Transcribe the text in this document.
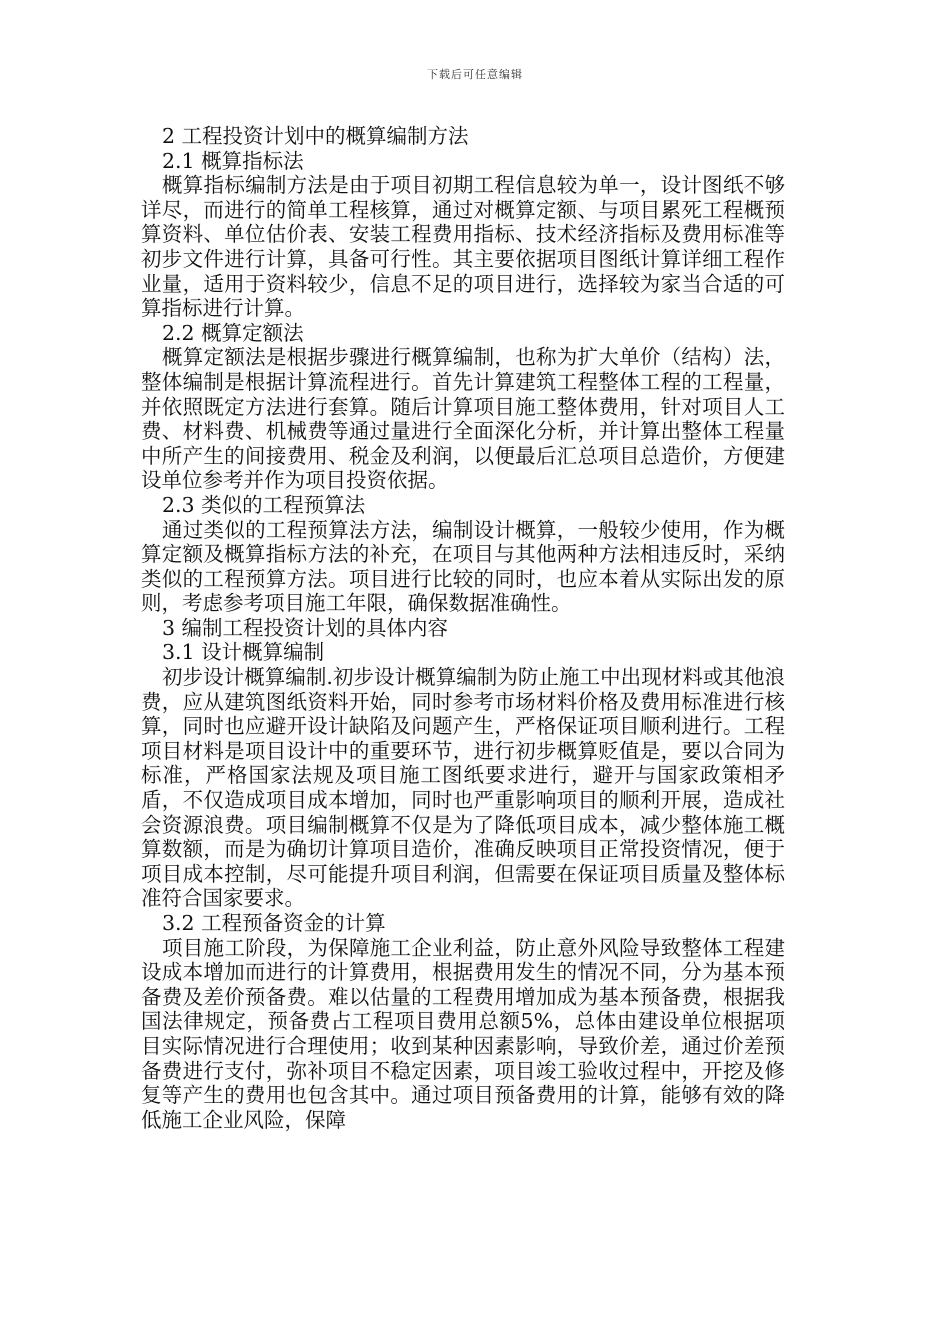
下载后可任意编辑
2 工程投资计划中的概算编制方法
2.1 概算指标法

概算指标编制方法是由于项目初期工程信息较为单一，设计图纸不够详尽，而进行的简单工程核算，通过对概算定额、与项目累死工程概预算资料、单位估价表、安装工程费用指标、技术经济指标及费用标准等初步文件进行计算，具备可行性。其主要依据项目图纸计算详细工程作业量，适用于资料较少，信息不足的项目进行，选择较为家当合适的可算指标进行计算。

2.2 概算定额法

概算定额法是根据步骤进行概算编制，也称为扩大单价（结构）法，整体编制是根据计算流程进行。首先计算建筑工程整体工程的工程量，并依照既定方法进行套算。随后计算项目施工整体费用，针对项目人工费、材料费、机械费等通过量进行全面深化分析，并计算出整体工程量中所产生的间接费用、税金及利润，以便最后汇总项目总造价，方便建设单位参考并作为项目投资依据。

2.3 类似的工程预算法

通过类似的工程预算法方法，编制设计概算，一般较少使用，作为概算定额及概算指标方法的补充，在项目与其他两种方法相违反时，采纳类似的工程预算方法。项目进行比较的同时，也应本着从实际出发的原则，考虑参考项目施工年限，确保数据准确性。

3 编制工程投资计划的具体内容
3.1 设计概算编制

初步设计概算编制.初步设计概算编制为防止施工中出现材料或其他浪费，应从建筑图纸资料开始，同时参考市场材料价格及费用标准进行核算，同时也应避开设计缺陷及问题产生，严格保证项目顺利进行。工程项目材料是项目设计中的重要环节，进行初步概算贬值是，要以合同为标准，严格国家法规及项目施工图纸要求进行，避开与国家政策相矛盾，不仅造成项目成本增加，同时也严重影响项目的顺利开展，造成社会资源浪费。项目编制概算不仅是为了降低项目成本，减少整体施工概算数额，而是为确切计算项目造价，准确反映项目正常投资情况，便于项目成本控制，尽可能提升项目利润，但需要在保证项目质量及整体标准符合国家要求。

3.2 工程预备资金的计算

项目施工阶段，为保障施工企业利益，防止意外风险导致整体工程建设成本增加而进行的计算费用，根据费用发生的情况不同，分为基本预备费及差价预备费。难以估量的工程费用增加成为基本预备费，根据我国法律规定，预备费占工程项目费用总额5%，总体由建设单位根据项目实际情况进行合理使用；收到某种因素影响，导致价差，通过价差预备费进行支付，弥补项目不稳定因素，项目竣工验收过程中，开挖及修复等产生的费用也包含其中。通过项目预备费用的计算，能够有效的降低施工企业风险，保障
